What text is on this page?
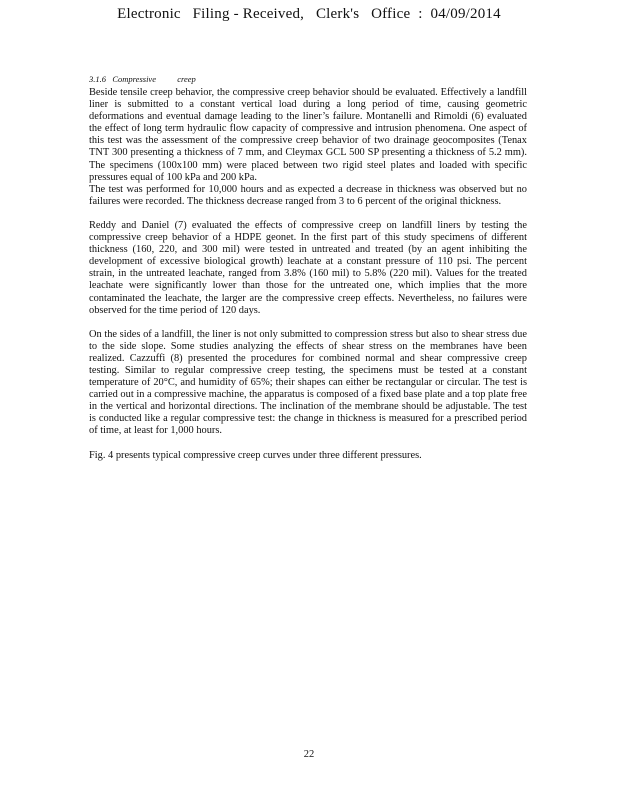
Electronic   Filing - Received,   Clerk's   Office  :  04/09/2014
3.1.6   Compressive          creep

Beside tensile creep behavior, the compressive creep behavior should be evaluated. Effectively a landfill liner is submitted to a constant vertical load during a long period of time, causing geometric deformations and eventual damage leading to the liner’s failure. Montanelli and Rimoldi (6) evaluated the effect of long term hydraulic flow capacity of compressive and intrusion phenomena. One aspect of this test was the assessment of the compressive creep behavior of two drainage geocomposites (Tenax TNT 300 presenting a thickness of 7 mm, and Cleymax GCL 500 SP presenting a thickness of 5.2 mm). The specimens (100x100 mm) were placed between two rigid steel plates and loaded with specific pressures equal of 100 kPa and 200 kPa.

The test was performed for 10,000 hours and as expected a decrease in thickness was observed but no failures were recorded. The thickness decrease ranged from 3 to 6 percent of the original thickness.

Reddy and Daniel (7) evaluated the effects of compressive creep on landfill liners by testing the compressive creep behavior of a HDPE geonet. In the first part of this study specimens of different thickness (160, 220, and 300 mil) were tested in untreated and treated (by an agent inhibiting the development of excessive biological growth) leachate at a constant pressure of 110 psi. The percent strain, in the untreated leachate, ranged from 3.8% (160 mil) to 5.8% (220 mil). Values for the treated leachate were significantly lower than those for the untreated one, which implies that the more contaminated the leachate, the larger are the compressive creep effects. Nevertheless, no failures were observed for the time period of 120 days.

On the sides of a landfill, the liner is not only submitted to compression stress but also to shear stress due to the side slope. Some studies analyzing the effects of shear stress on the membranes have been realized. Cazzuffi (8) presented the procedures for combined normal and shear compressive creep testing. Similar to regular compressive creep testing, the specimens must be tested at a constant temperature of 20°C, and humidity of 65%; their shapes can either be rectangular or circular. The test is carried out in a compressive machine, the apparatus is composed of a fixed base plate and a top plate free in the vertical and horizontal directions. The inclination of the membrane should be adjustable. The test is conducted like a regular compressive test: the change in thickness is measured for a prescribed period of time, at least for 1,000 hours.

Fig. 4 presents typical compressive creep curves under three different pressures.

22
